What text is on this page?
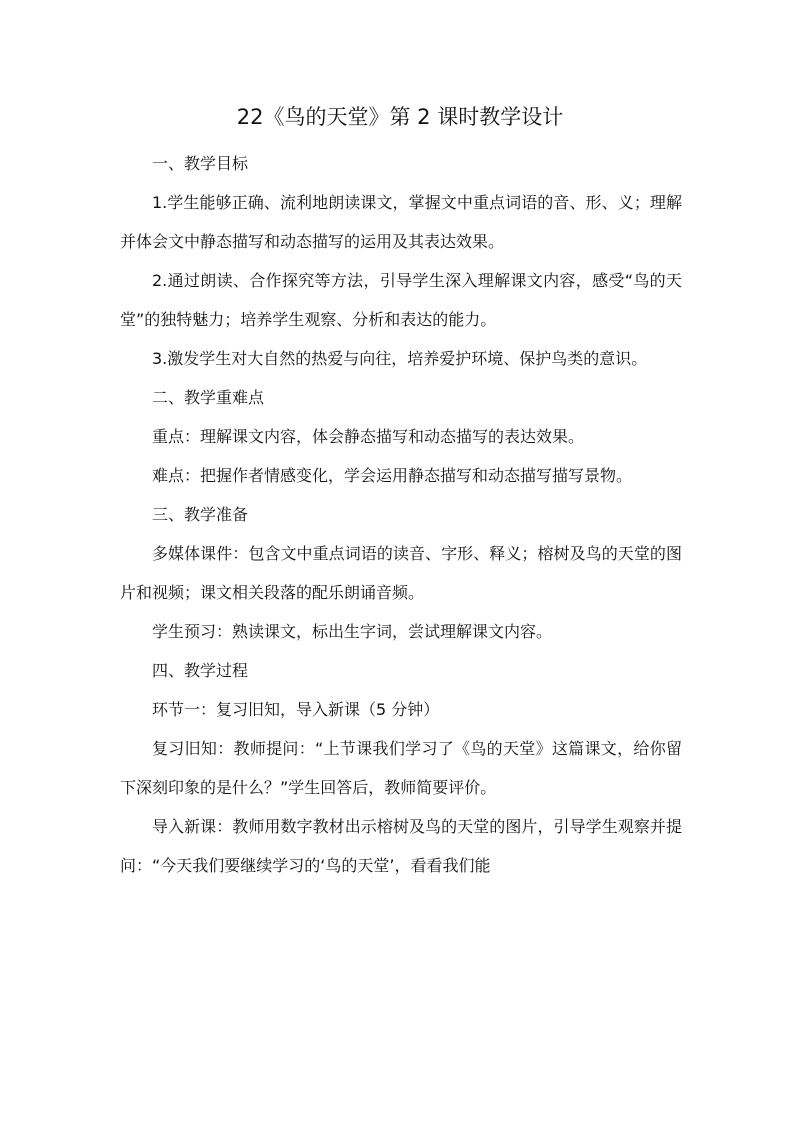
22《鸟的天堂》第 2 课时教学设计

一、教学目标

1.学生能够正确、流利地朗读课文，掌握文中重点词语的音、形、义；理解并体会文中静态描写和动态描写的运用及其表达效果。

2.通过朗读、合作探究等方法，引导学生深入理解课文内容，感受“鸟的天堂”的独特魅力；培养学生观察、分析和表达的能力。

3.激发学生对大自然的热爱与向往，培养爱护环境、保护鸟类的意识。

二、教学重难点

重点：理解课文内容，体会静态描写和动态描写的表达效果。

难点：把握作者情感变化，学会运用静态描写和动态描写描写景物。

三、教学准备

多媒体课件：包含文中重点词语的读音、字形、释义；榕树及鸟的天堂的图片和视频；课文相关段落的配乐朗诵音频。

学生预习：熟读课文，标出生字词，尝试理解课文内容。

四、教学过程

环节一：复习旧知，导入新课（5 分钟）

复习旧知：教师提问：“上节课我们学习了《鸟的天堂》这篇课文，给你留下深刻印象的是什么？”学生回答后，教师简要评价。

导入新课：教师用数字教材出示榕树及鸟的天堂的图片，引导学生观察并提问：“今天我们要继续学习的‘鸟的天堂’，看看我们能
